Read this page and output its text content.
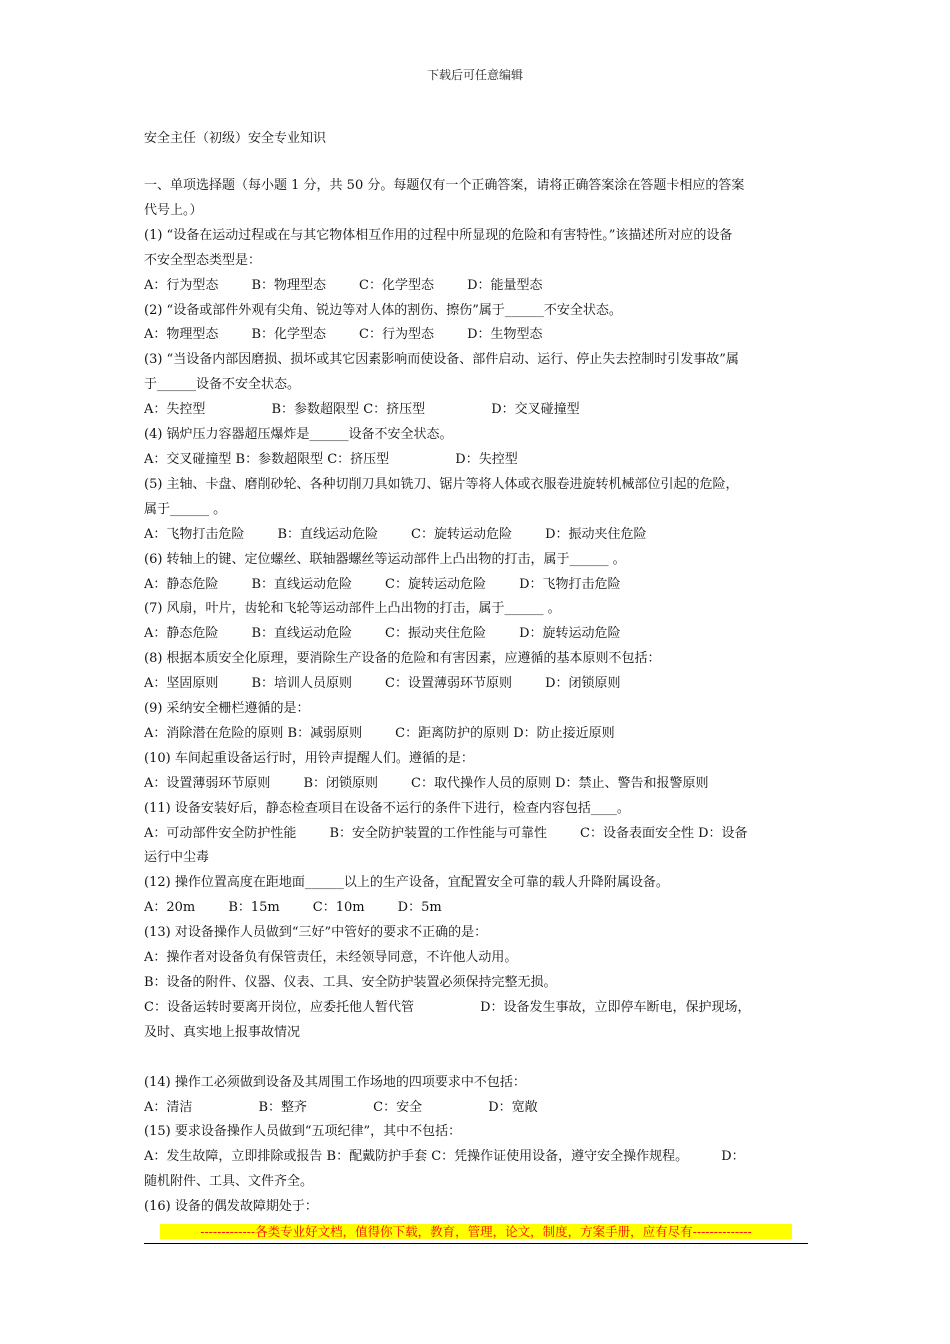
下载后可任意编辑
安全主任（初级）安全专业知识
一、单项选择题（每小题 1 分，共 50 分。每题仅有一个正确答案，请将正确答案涂在答题卡相应的答案
代号上。）
(1) “设备在运动过程或在与其它物体相互作用的过程中所显现的危险和有害特性。”该描述所对应的设备
不安全型态类型是：
A：行为型态        B：物理型态        C：化学型态        D：能量型态
(2) “设备或部件外观有尖角、锐边等对人体的割伤、擦伤”属于______不安全状态。
A：物理型态        B：化学型态        C：行为型态        D：生物型态
(3) “当设备内部因磨损、损坏或其它因素影响而使设备、部件启动、运行、停止失去控制时引发事故”属
于______设备不安全状态。
A：失控型                B：参数超限型 C：挤压型                D：交叉碰撞型
(4) 锅炉压力容器超压爆炸是______设备不安全状态。
A：交叉碰撞型 B：参数超限型 C：挤压型                D：失控型
(5) 主轴、卡盘、磨削砂轮、各种切削刀具如铣刀、锯片等将人体或衣服卷进旋转机械部位引起的危险，
属于______ 。
A：飞物打击危险        B：直线运动危险        C：旋转运动危险        D：振动夹住危险
(6) 转轴上的键、定位螺丝、联轴器螺丝等运动部件上凸出物的打击，属于______ 。
A：静态危险        B：直线运动危险        C：旋转运动危险        D：飞物打击危险
(7) 风扇，叶片，齿轮和飞轮等运动部件上凸出物的打击，属于______ 。
A：静态危险        B：直线运动危险        C：振动夹住危险        D：旋转运动危险
(8) 根据本质安全化原理，要消除生产设备的危险和有害因素，应遵循的基本原则不包括：
A：坚固原则        B：培训人员原则        C：设置薄弱环节原则        D：闭锁原则
(9) 采纳安全栅栏遵循的是：
A：消除潜在危险的原则 B：减弱原则        C：距离防护的原则 D：防止接近原则
(10) 车间起重设备运行时，用铃声提醒人们。遵循的是：
A：设置薄弱环节原则        B：闭锁原则        C：取代操作人员的原则 D：禁止、警告和报警原则
(11) 设备安装好后，静态检查项目在设备不运行的条件下进行，检查内容包括____。
A：可动部件安全防护性能        B：安全防护装置的工作性能与可靠性        C：设备表面安全性 D：设备
运行中尘毒
(12) 操作位置高度在距地面______以上的生产设备，宜配置安全可靠的载人升降附属设备。
A：20m        B：15m        C：10m        D：5m
(13) 对设备操作人员做到“三好”中管好的要求不正确的是：
A：操作者对设备负有保管责任，未经领导同意，不许他人动用。
B：设备的附件、仪器、仪表、工具、安全防护装置必须保持完整无损。
C：设备运转时要离开岗位，应委托他人暂代管                D：设备发生事故，立即停车断电，保护现场，
及时、真实地上报事故情况
(14) 操作工必须做到设备及其周围工作场地的四项要求中不包括：
A：清洁                B：整齐                C：安全                D：宽敞
(15) 要求设备操作人员做到“五项纪律”，其中不包括：
A：发生故障，立即排除或报告 B：配戴防护手套 C：凭操作证使用设备，遵守安全操作规程。        D：
随机附件、工具、文件齐全。
(16) 设备的偶发故障期处于：
-------------各类专业好文档，值得你下载，教育，管理，论文，制度，方案手册，应有尽有--------------
